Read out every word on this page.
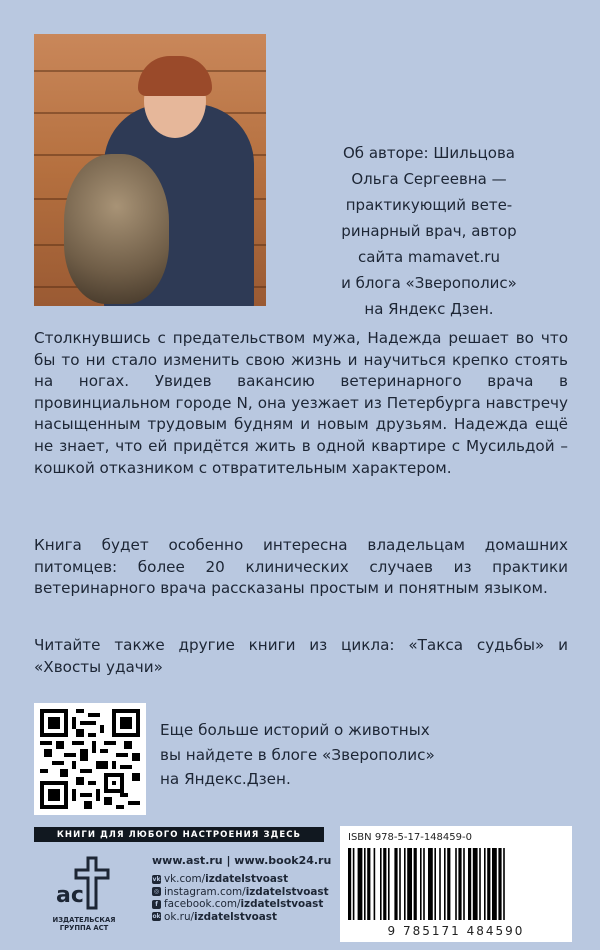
Об авторе: Шильцова
Ольга Сергеевна —
практикующий вете-
ринарный врач, автор
сайта mamavet.ru
и блога «Зверополис»
на Яндекс Дзен.
Столкнувшись с предательством мужа, Надежда решает во что бы то ни стало изменить свою жизнь и научиться крепко стоять на ногах. Увидев вакансию ветеринарного врача в провинциальном городе N, она уезжает из Петербурга навстречу насыщенным трудовым будням и новым друзьям. Надежда ещё не знает, что ей придётся жить в одной квартире с Мусильдой – кошкой отказником с отвратительным характером.
Книга будет особенно интересна владельцам домашних питомцев: более 20 клинических случаев из практики ветеринарного врача рассказаны простым и понятным языком.
Читайте также другие книги из цикла: «Такса судьбы» и «Хвосты удачи»
Еще больше историй о животных
вы найдете в блоге «Зверополис»
на Яндекс.Дзен.
КНИГИ ДЛЯ ЛЮБОГО НАСТРОЕНИЯ ЗДЕСЬ
ac
ИЗДАТЕЛЬСКАЯ ГРУППА АСТ
www.ast.ru | www.book24.ru
vk vk.com/ izdatelstvoast
◎ instagram.com/ izdatelstvoast
f facebook.com/ izdatelstvoast
ok ok.ru/ izdatelstvoast
ISBN 978-5-17-148459-0
9 785171 484590
